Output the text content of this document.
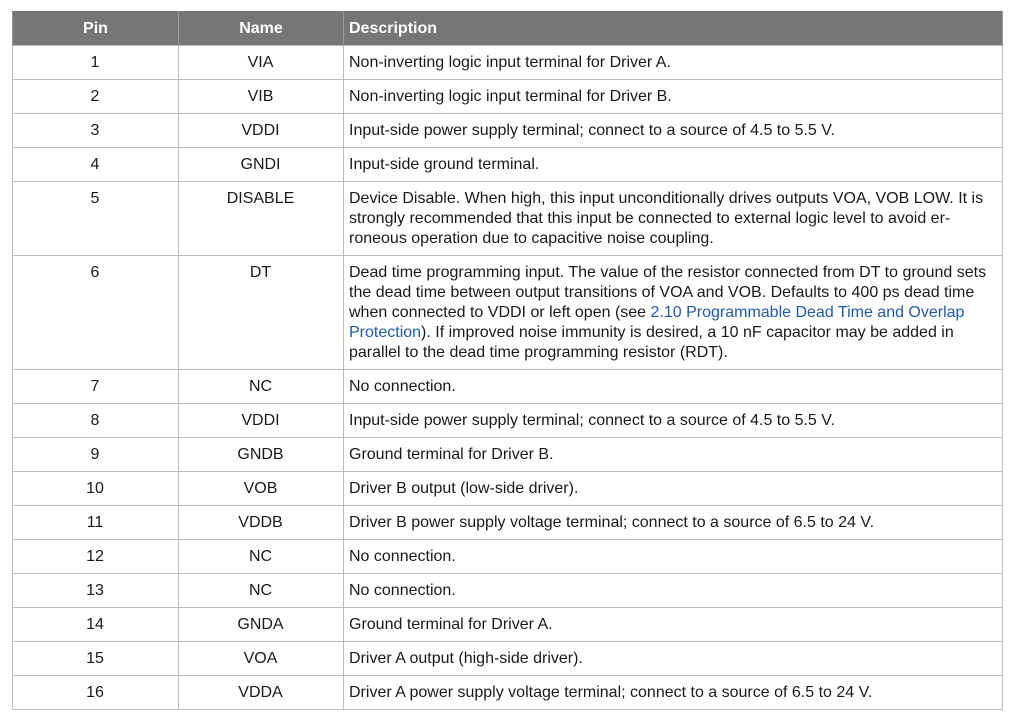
Pin	Name	Description
1	VIA	Non-inverting logic input terminal for Driver A.
2	VIB	Non-inverting logic input terminal for Driver B.
3	VDDI	Input-side power supply terminal; connect to a source of 4.5 to 5.5 V.
4	GNDI	Input-side ground terminal.
5	DISABLE	Device Disable. When high, this input unconditionally drives outputs VOA, VOB LOW. It is strongly recommended that this input be connected to external logic level to avoid er-roneous operation due to capacitive noise coupling.
6	DT	Dead time programming input. The value of the resistor connected from DT to ground sets the dead time between output transitions of VOA and VOB. Defaults to 400 ps dead time when connected to VDDI or left open (see 2.10 Programmable Dead Time and Overlap Protection). If improved noise immunity is desired, a 10 nF capacitor may be added in parallel to the dead time programming resistor (RDT).
7	NC	No connection.
8	VDDI	Input-side power supply terminal; connect to a source of 4.5 to 5.5 V.
9	GNDB	Ground terminal for Driver B.
10	VOB	Driver B output (low-side driver).
11	VDDB	Driver B power supply voltage terminal; connect to a source of 6.5 to 24 V.
12	NC	No connection.
13	NC	No connection.
14	GNDA	Ground terminal for Driver A.
15	VOA	Driver A output (high-side driver).
16	VDDA	Driver A power supply voltage terminal; connect to a source of 6.5 to 24 V.
